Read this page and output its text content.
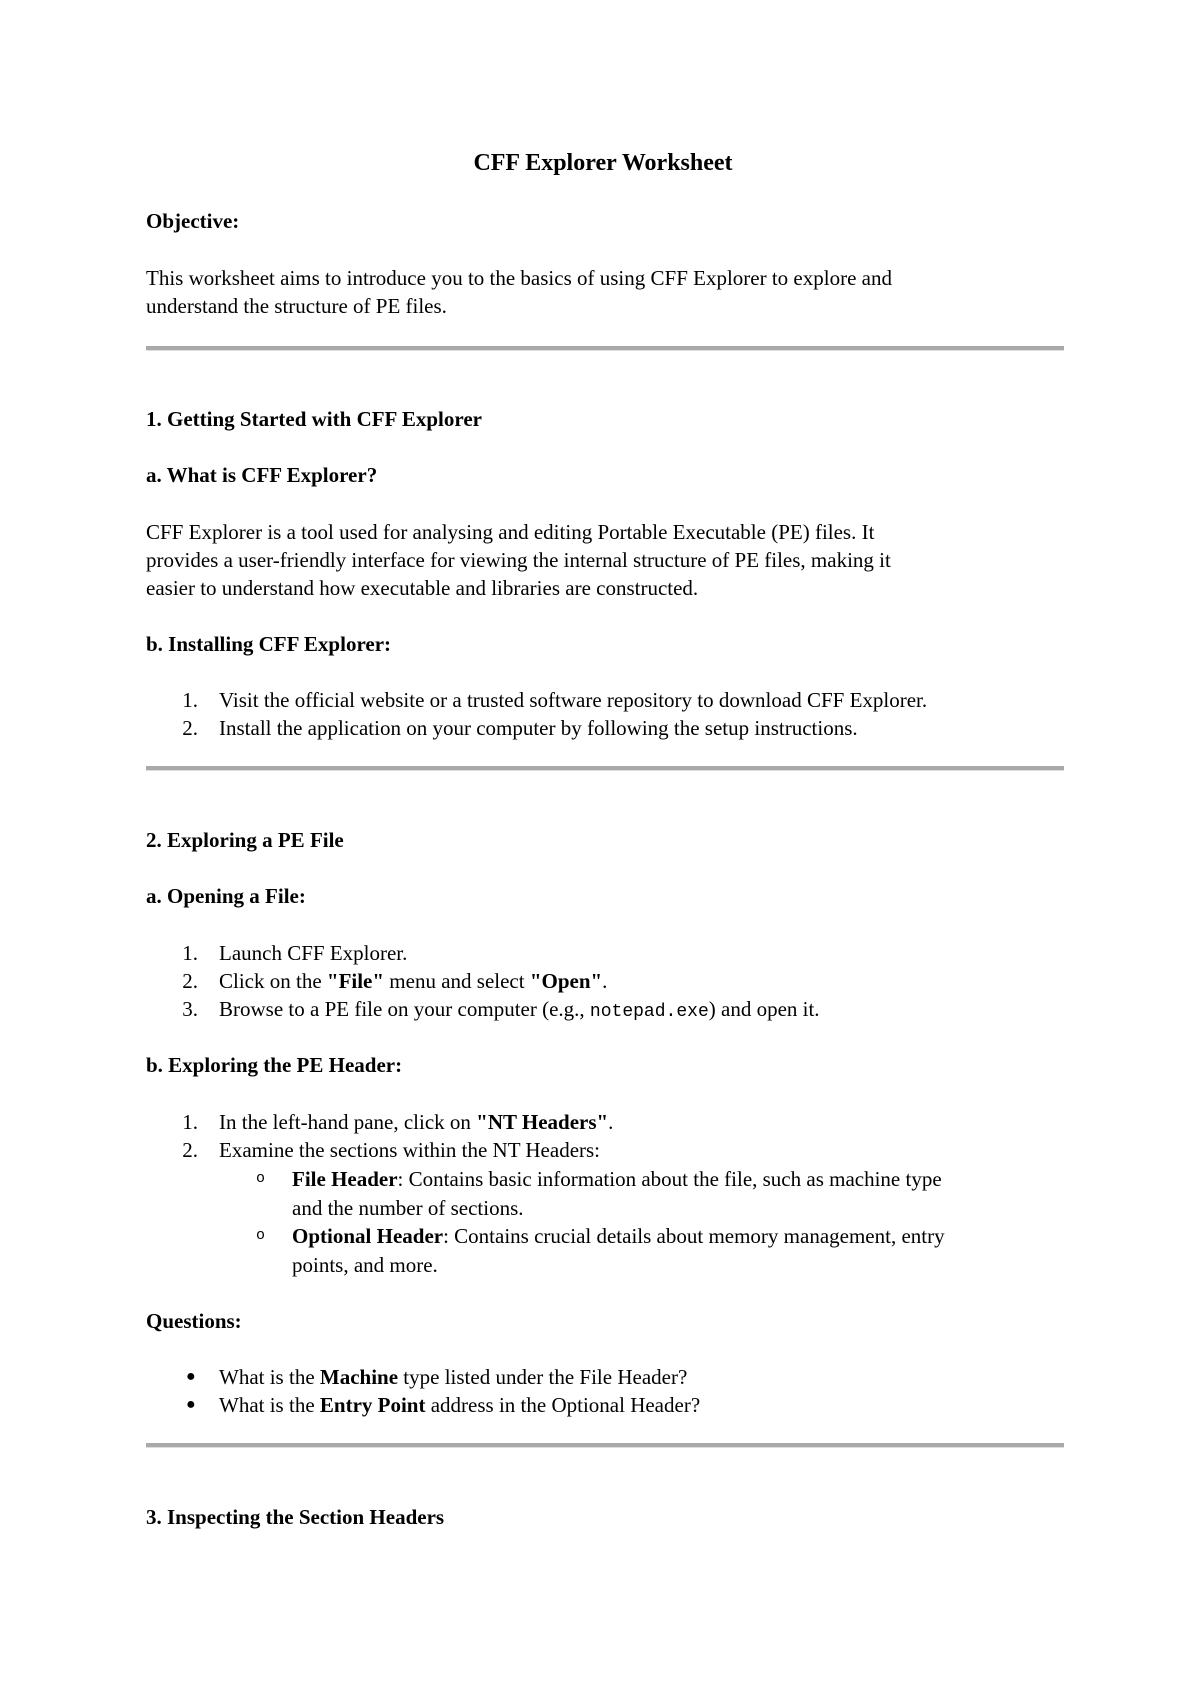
CFF Explorer Worksheet
Objective:
This worksheet aims to introduce you to the basics of using CFF Explorer to explore and
understand the structure of PE files.
1. Getting Started with CFF Explorer
a. What is CFF Explorer?
CFF Explorer is a tool used for analysing and editing Portable Executable (PE) files. It
provides a user-friendly interface for viewing the internal structure of PE files, making it
easier to understand how executable and libraries are constructed.
b. Installing CFF Explorer:
1. Visit the official website or a trusted software repository to download CFF Explorer.
2. Install the application on your computer by following the setup instructions.
2. Exploring a PE File
a. Opening a File:
1. Launch CFF Explorer.
2. Click on the "File" menu and select "Open".
3. Browse to a PE file on your computer (e.g., notepad.exe) and open it.
b. Exploring the PE Header:
1. In the left-hand pane, click on "NT Headers".
2. Examine the sections within the NT Headers:
o File Header: Contains basic information about the file, such as machine type
and the number of sections.
o Optional Header: Contains crucial details about memory management, entry
points, and more.
Questions:
● What is the Machine type listed under the File Header?
● What is the Entry Point address in the Optional Header?
3. Inspecting the Section Headers
